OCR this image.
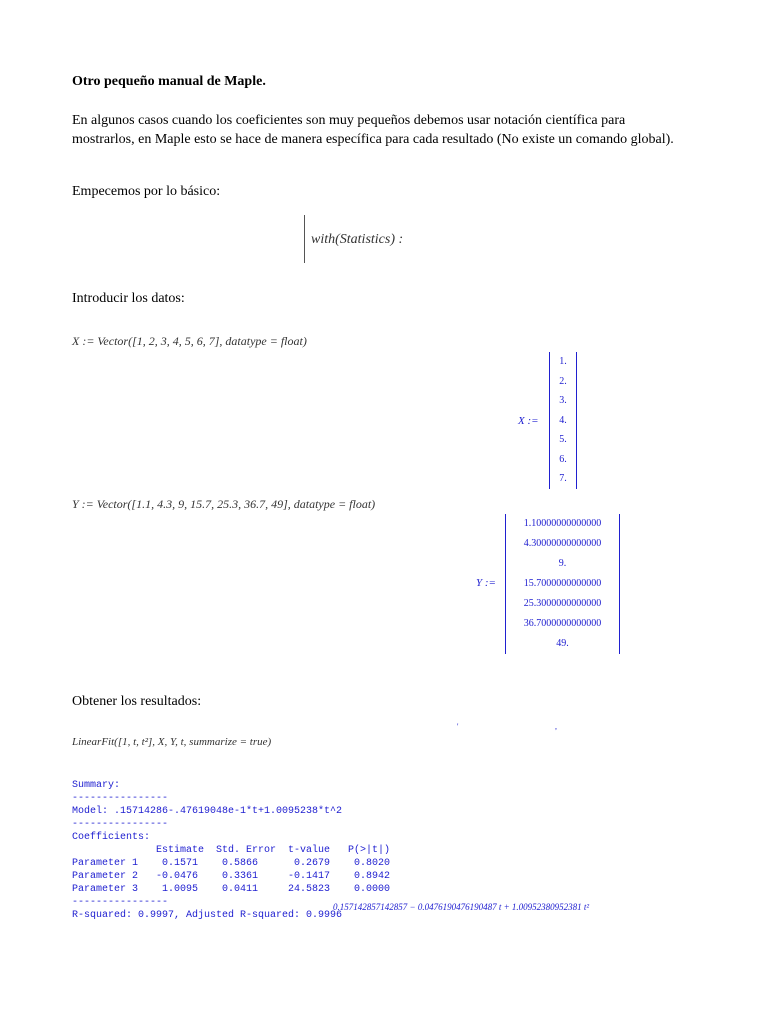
Otro pequeño manual de Maple.
En algunos casos cuando los coeficientes son muy pequeños debemos usar notación científica para mostrarlos, en Maple esto se hace de manera específica para cada resultado (No existe un comando global).
Empecemos por lo básico:
with(Statistics) :
Introducir los datos:
X := Vector([1, 2, 3, 4, 5, 6, 7], datatype = float)
X :=
1.
2.
3.
4.
5.
6.
7.
Y := Vector([1.1, 4.3, 9, 15.7, 25.3, 36.7, 49], datatype = float)
Y :=
1.10000000000000
4.30000000000000
9.
15.7000000000000
25.3000000000000
36.7000000000000
49.
Obtener los resultados:
'	,
LinearFit([1, t, t²], X, Y, t, summarize = true)

Summary:
----------------
Model: .15714286-.47619048e-1*t+1.0095238*t^2
----------------
Coefficients:
Estimate  Std. Error  t-value   P(>|t|)
Parameter 1    0.1571    0.5866      0.2679    0.8020
Parameter 2   -0.0476    0.3361     -0.1417    0.8942
Parameter 3    1.0095    0.0411     24.5823    0.0000
----------------
R-squared: 0.9997, Adjusted R-squared: 0.9996

0.157142857142857 − 0.0476190476190487 t + 1.00952380952381 t²
